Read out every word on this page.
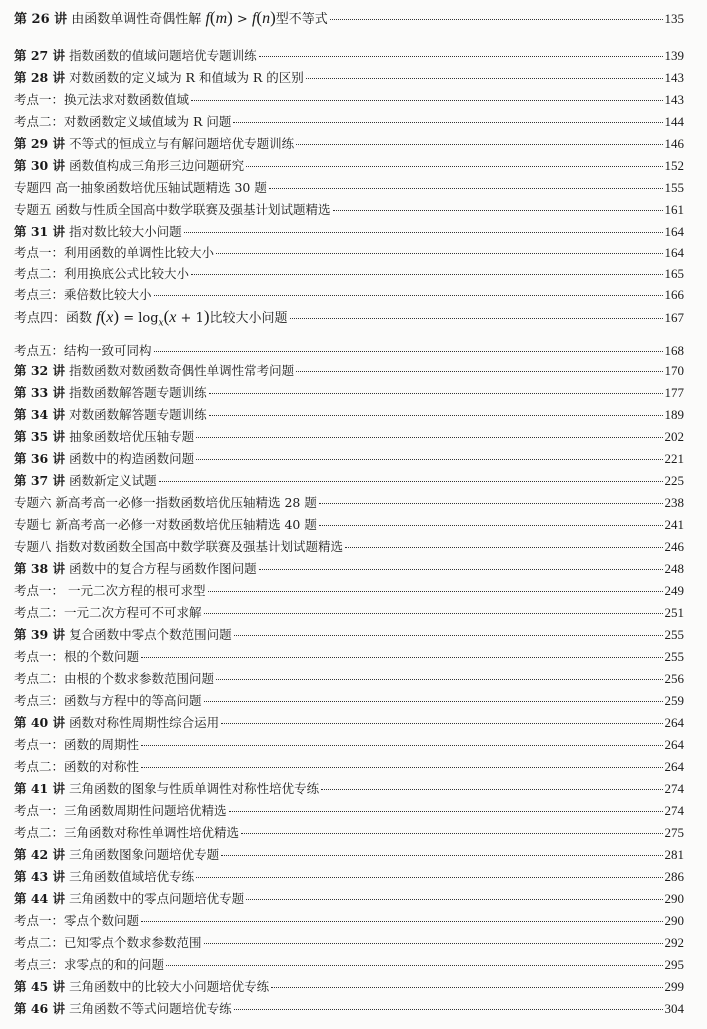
第 26 讲 由函数单调性奇偶性解 f(m) > f(n)型不等式	135
第 27 讲 指数函数的值域问题培优专题训练	139
第 28 讲 对数函数的定义域为 R 和值域为 R 的区别	143
考点一：换元法求对数函数值域	143
考点二：对数函数定义域值域为 R 问题	144
第 29 讲 不等式的恒成立与有解问题培优专题训练	146
第 30 讲 函数值构成三角形三边问题研究	152
专题四 高一抽象函数培优压轴试题精选 30 题	155
专题五 函数与性质全国高中数学联赛及强基计划试题精选	161
第 31 讲 指对数比较大小问题	164
考点一：利用函数的单调性比较大小	164
考点二：利用换底公式比较大小	165
考点三：乘倍数比较大小	166
考点四：函数 $f(x) = \log_x(x + 1)$比较大小问题	167
考点五：结构一致可同构	168
第 32 讲 指数函数对数函数奇偶性单调性常考问题	170
第 33 讲 指数函数解答题专题训练	177
第 34 讲 对数函数解答题专题训练	189
第 35 讲 抽象函数培优压轴专题	202
第 36 讲 函数中的构造函数问题	221
第 37 讲 函数新定义试题	225
专题六 新高考高一必修一指数函数培优压轴精选 28 题	238
专题七 新高考高一必修一对数函数培优压轴精选 40 题	241
专题八 指数对数函数全国高中数学联赛及强基计划试题精选	246
第 38 讲 函数中的复合方程与函数作图问题	248
考点一： 一元二次方程的根可求型	249
考点二：一元二次方程可不可求解	251
第 39 讲 复合函数中零点个数范围问题	255
考点一：根的个数问题	255
考点二：由根的个数求参数范围问题	256
考点三：函数与方程中的等高问题	259
第 40 讲 函数对称性周期性综合运用	264
考点一：函数的周期性	264
考点二：函数的对称性	264
第 41 讲 三角函数的图象与性质单调性对称性培优专练	274
考点一：三角函数周期性问题培优精选	274
考点二：三角函数对称性单调性培优精选	275
第 42 讲 三角函数图象问题培优专题	281
第 43 讲 三角函数值域培优专练	286
第 44 讲 三角函数中的零点问题培优专题	290
考点一：零点个数问题	290
考点二：已知零点个数求参数范围	292
考点三：求零点的和的问题	295
第 45 讲 三角函数中的比较大小问题培优专练	299
第 46 讲 三角函数不等式问题培优专练	304
